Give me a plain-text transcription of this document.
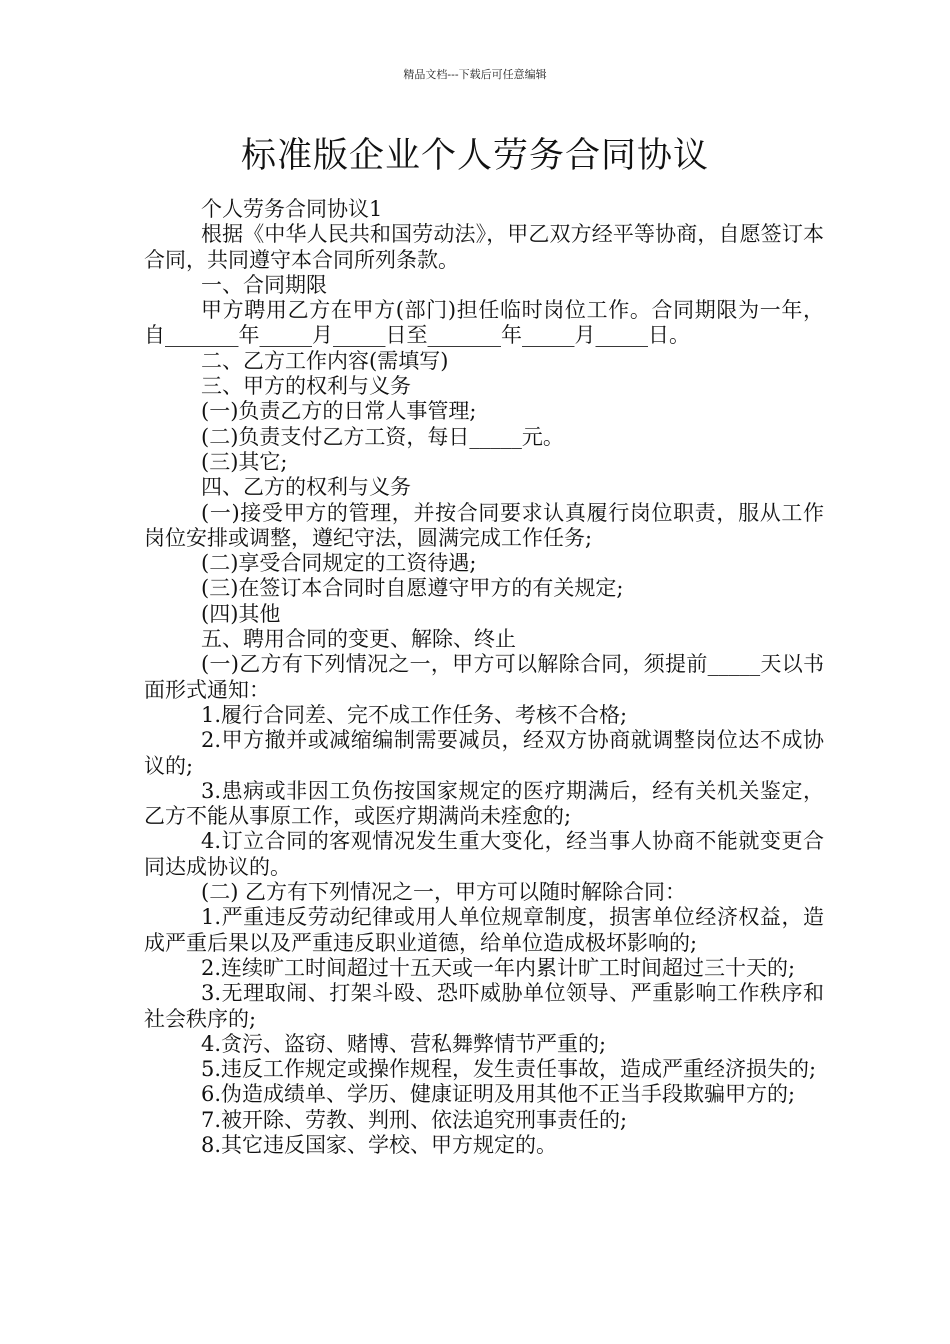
精品文档---下载后可任意编辑
标准版企业个人劳务合同协议

个人劳务合同协议1

根据《中华人民共和国劳动法》，甲乙双方经平等协商，自愿签订本合同，共同遵守本合同所列条款。

一、合同期限

甲方聘用乙方在甲方(部门)担任临时岗位工作。合同期限为一年，自_______年_____月_____日至_______年_____月_____日。

二、乙方工作内容(需填写)

三、甲方的权利与义务

(一)负责乙方的日常人事管理;

(二)负责支付乙方工资，每日_____元。

(三)其它;

四、乙方的权利与义务

(一)接受甲方的管理，并按合同要求认真履行岗位职责，服从工作岗位安排或调整，遵纪守法，圆满完成工作任务;

(二)享受合同规定的工资待遇;

(三)在签订本合同时自愿遵守甲方的有关规定;

(四)其他

五、聘用合同的变更、解除、终止

(一)乙方有下列情况之一，甲方可以解除合同，须提前_____天以书面形式通知：

1.履行合同差、完不成工作任务、考核不合格;

2.甲方撤并或减缩编制需要减员，经双方协商就调整岗位达不成协议的;

3.患病或非因工负伤按国家规定的医疗期满后，经有关机关鉴定，乙方不能从事原工作，或医疗期满尚未痊愈的;

4.订立合同的客观情况发生重大变化，经当事人协商不能就变更合同达成协议的。

(二) 乙方有下列情况之一，甲方可以随时解除合同：

1.严重违反劳动纪律或用人单位规章制度，损害单位经济权益，造成严重后果以及严重违反职业道德，给单位造成极坏影响的;

2.连续旷工时间超过十五天或一年内累计旷工时间超过三十天的;

3.无理取闹、打架斗殴、恐吓威胁单位领导、严重影响工作秩序和社会秩序的;

4.贪污、盗窃、赌博、营私舞弊情节严重的;

5.违反工作规定或操作规程，发生责任事故，造成严重经济损失的;

6.伪造成绩单、学历、健康证明及用其他不正当手段欺骗甲方的;

7.被开除、劳教、判刑、依法追究刑事责任的;

8.其它违反国家、学校、甲方规定的。
